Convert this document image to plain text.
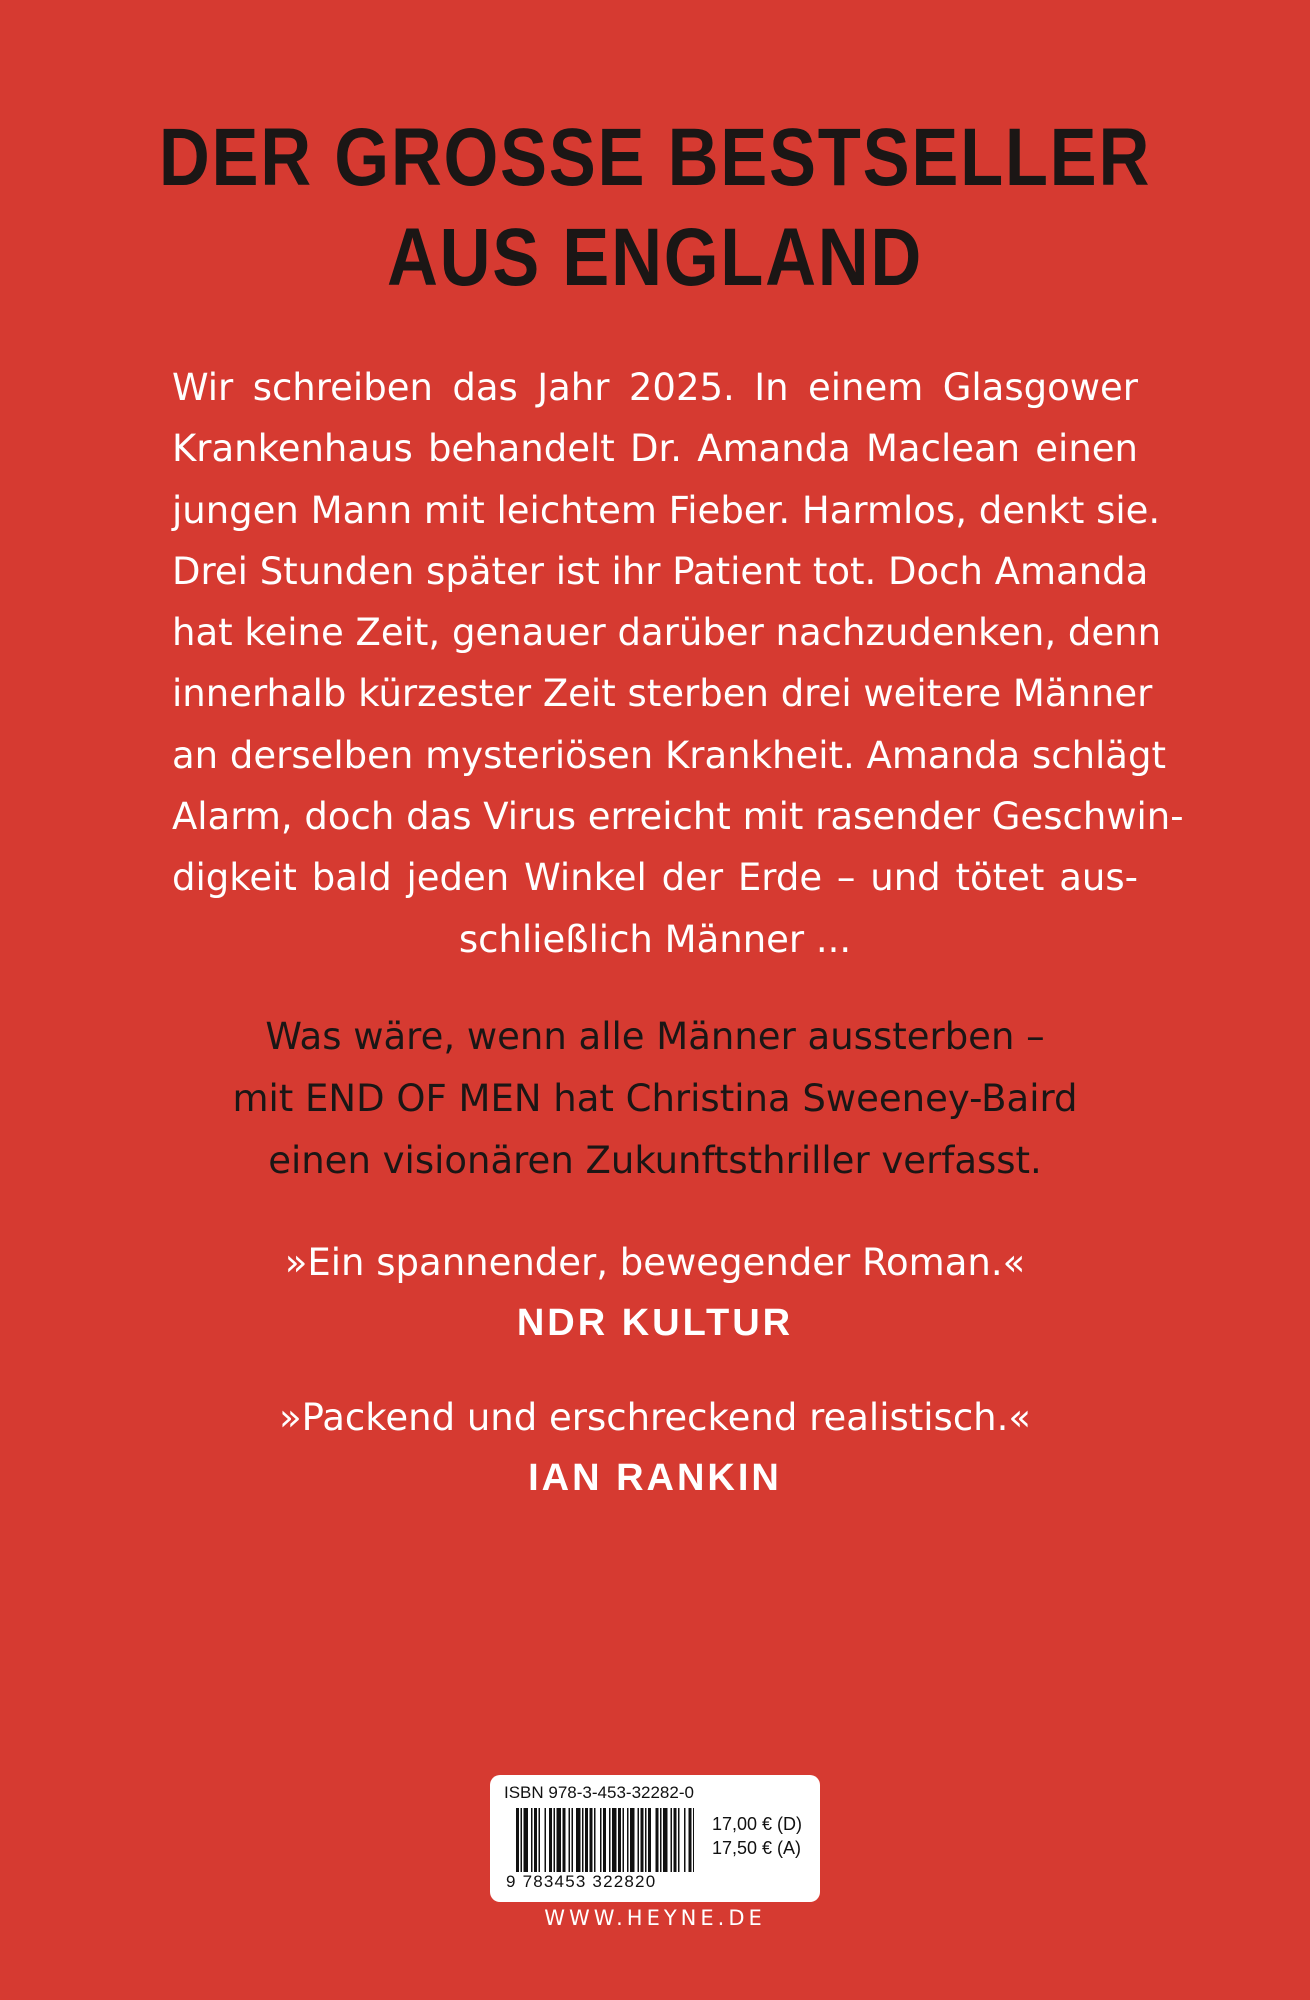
DER GROSSE BESTSELLER
AUS ENGLAND
Wir schreiben das Jahr 2025. In einem Glasgower
Krankenhaus behandelt Dr. Amanda Maclean einen
jungen Mann mit leichtem Fieber. Harmlos, denkt sie.
Drei Stunden später ist ihr Patient tot. Doch Amanda
hat keine Zeit, genauer darüber nachzudenken, denn
innerhalb kürzester Zeit sterben drei weitere Männer
an derselben mysteriösen Krankheit. Amanda schlägt
Alarm, doch das Virus erreicht mit rasender Geschwin-
digkeit bald jeden Winkel der Erde – und tötet aus-
schließlich Männer ...
Was wäre, wenn alle Männer aussterben –
mit END OF MEN hat Christina Sweeney-Baird
einen visionären Zukunftsthriller verfasst.
»Ein spannender, bewegender Roman.«
NDR KULTUR
»Packend und erschreckend realistisch.«
IAN RANKIN
ISBN 978-3-453-32282-0
9 783453 322820
17,00 € (D)
17,50 € (A)
WWW.HEYNE.DE
